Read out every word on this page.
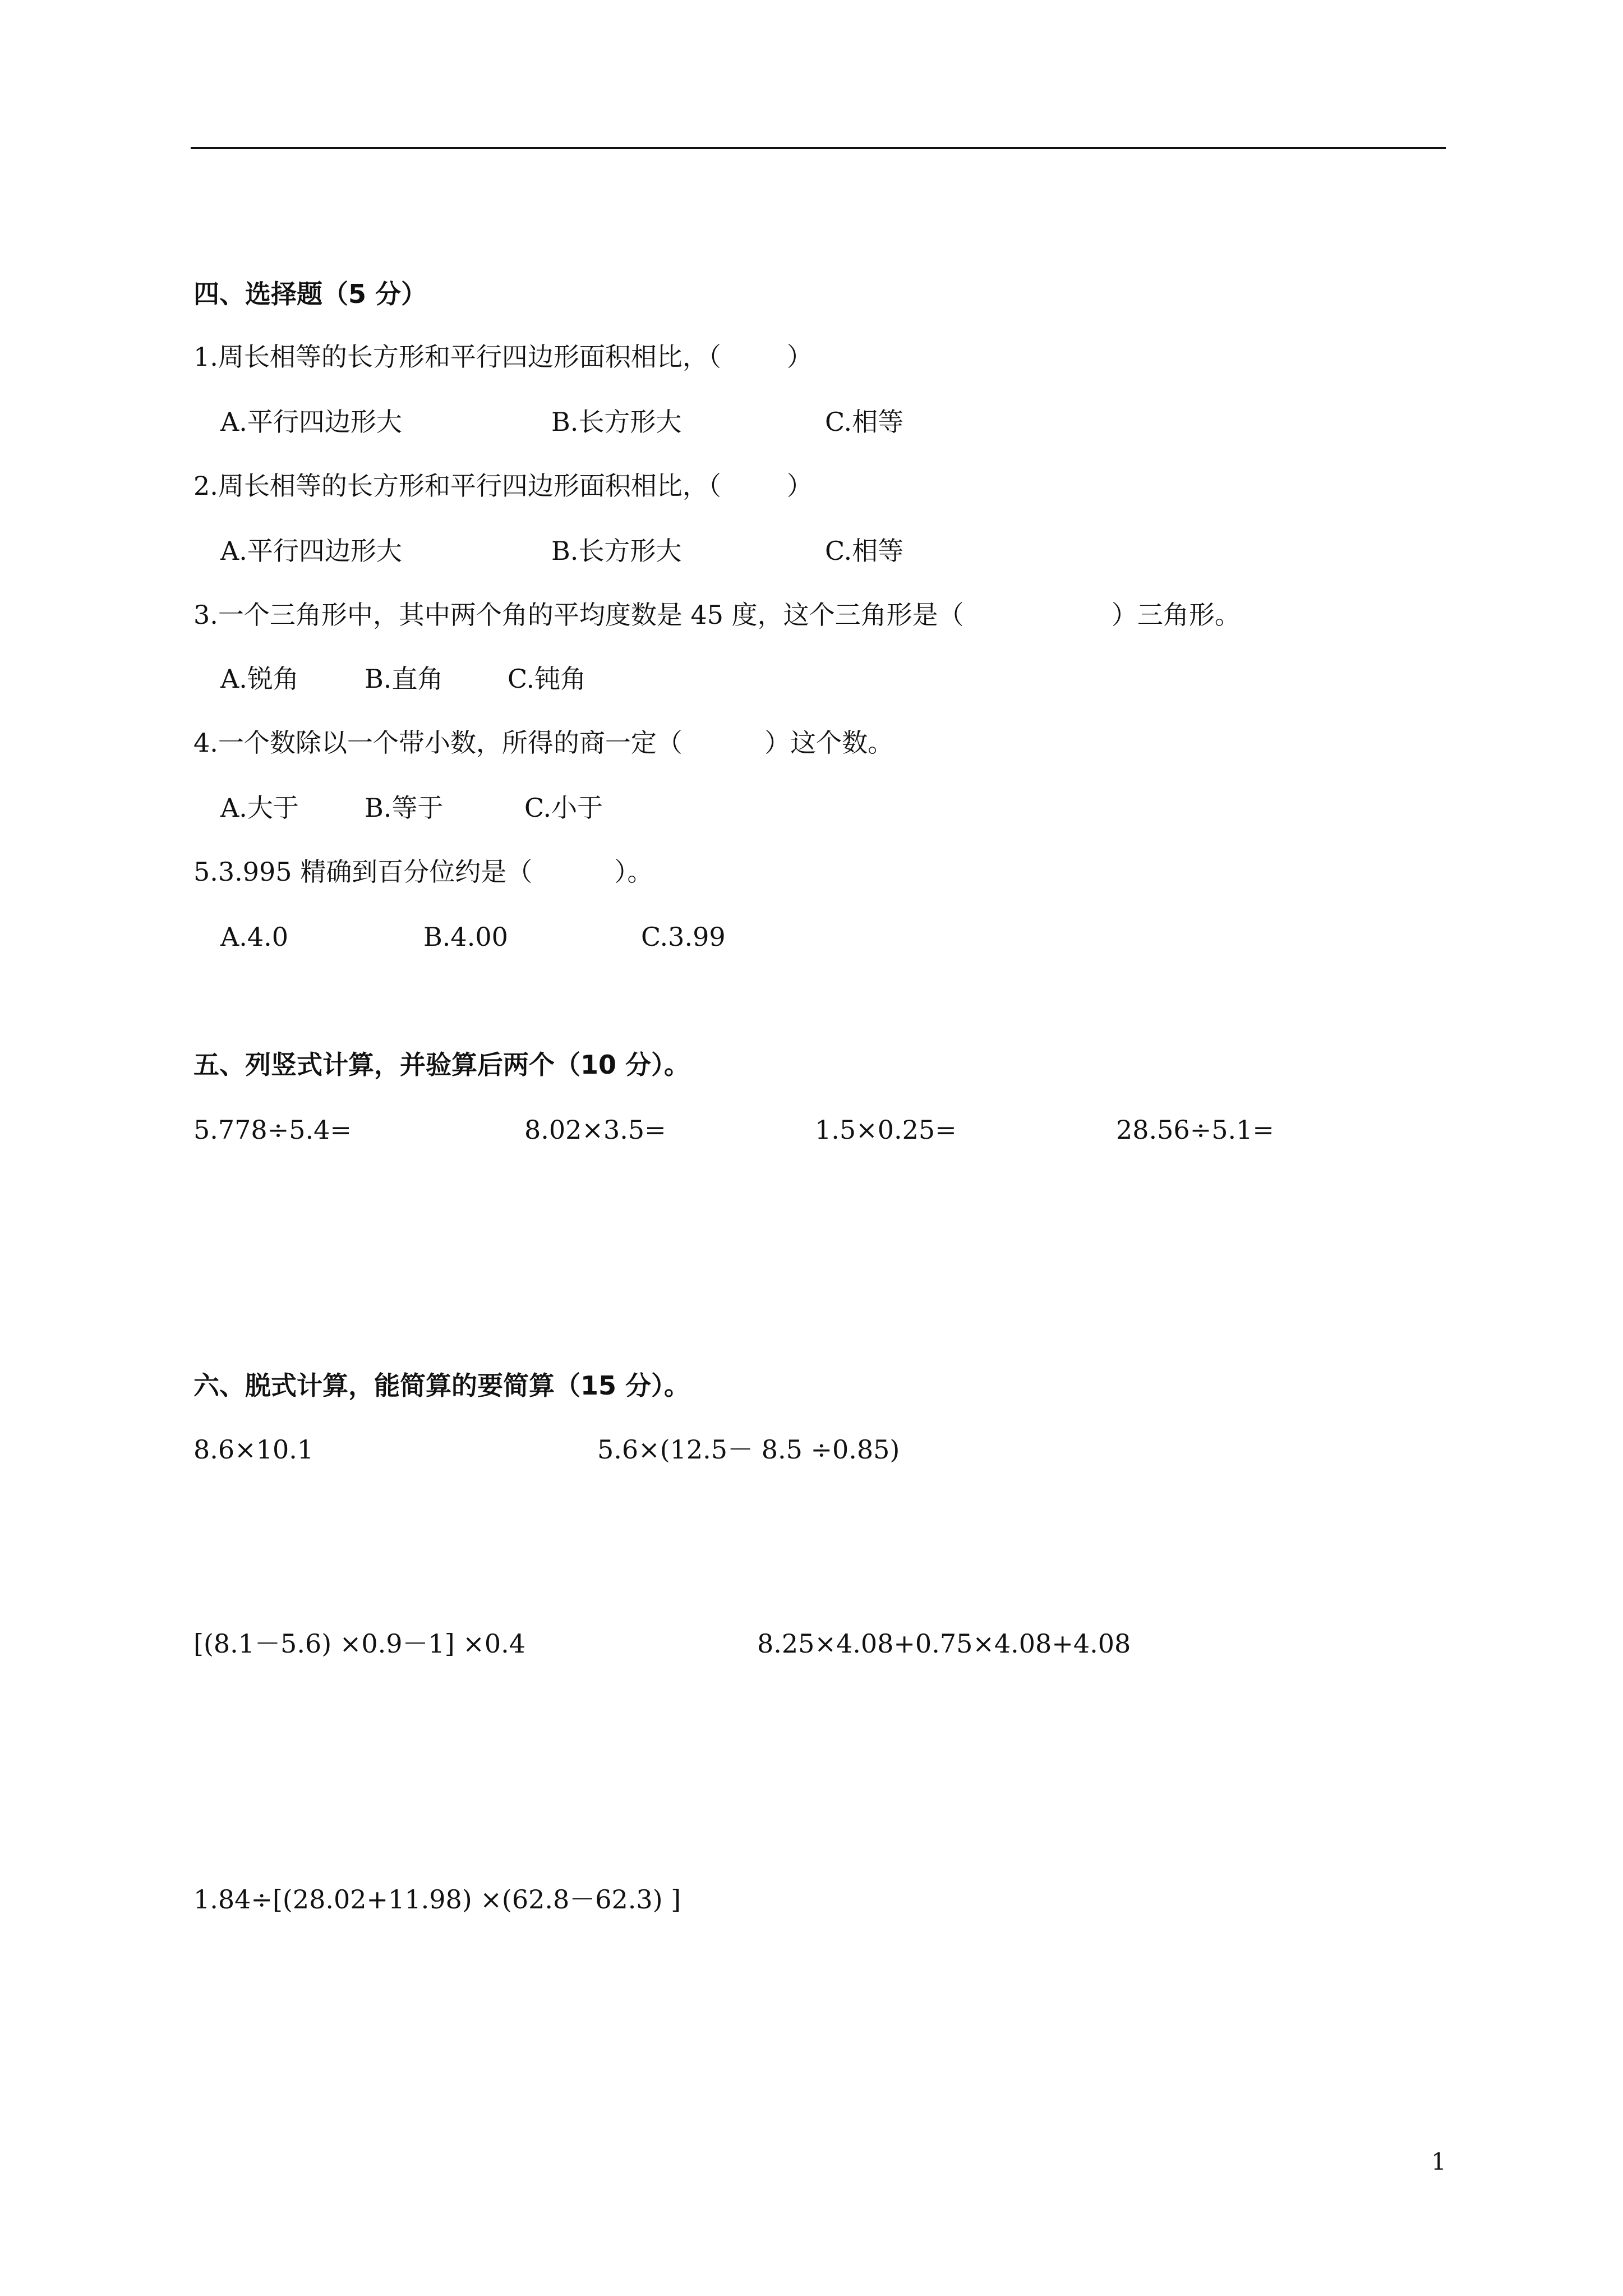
四、选择题（5 分）
1.周长相等的长方形和平行四边形面积相比，（        ）
A.平行四边形大	B.长方形大	C.相等
2.周长相等的长方形和平行四边形面积相比，（        ）
A.平行四边形大	B.长方形大	C.相等
3.一个三角形中，其中两个角的平均度数是 45 度，这个三角形是（                  ）三角形。
A.锐角	B.直角 C.钝角
4.一个数除以一个带小数，所得的商一定（          ）这个数。
A.大于	B.等于	C.小于
5.3.995 精确到百分位约是（          ）。
A.4.0	B.4.00	C.3.99
五、列竖式计算，并验算后两个（10 分）。
5.778÷5.4=	8.02×3.5=	1.5×0.25=	28.56÷5.1=
六、脱式计算，能简算的要简算（15 分）。
8.6×10.1	5.6×(12.5－ 8.5 ÷0.85)
[(8.1－5.6) ×0.9－1] ×0.4	8.25×4.08+0.75×4.08+4.08
1.84÷[(28.02+11.98) ×(62.8－62.3) ]
1
